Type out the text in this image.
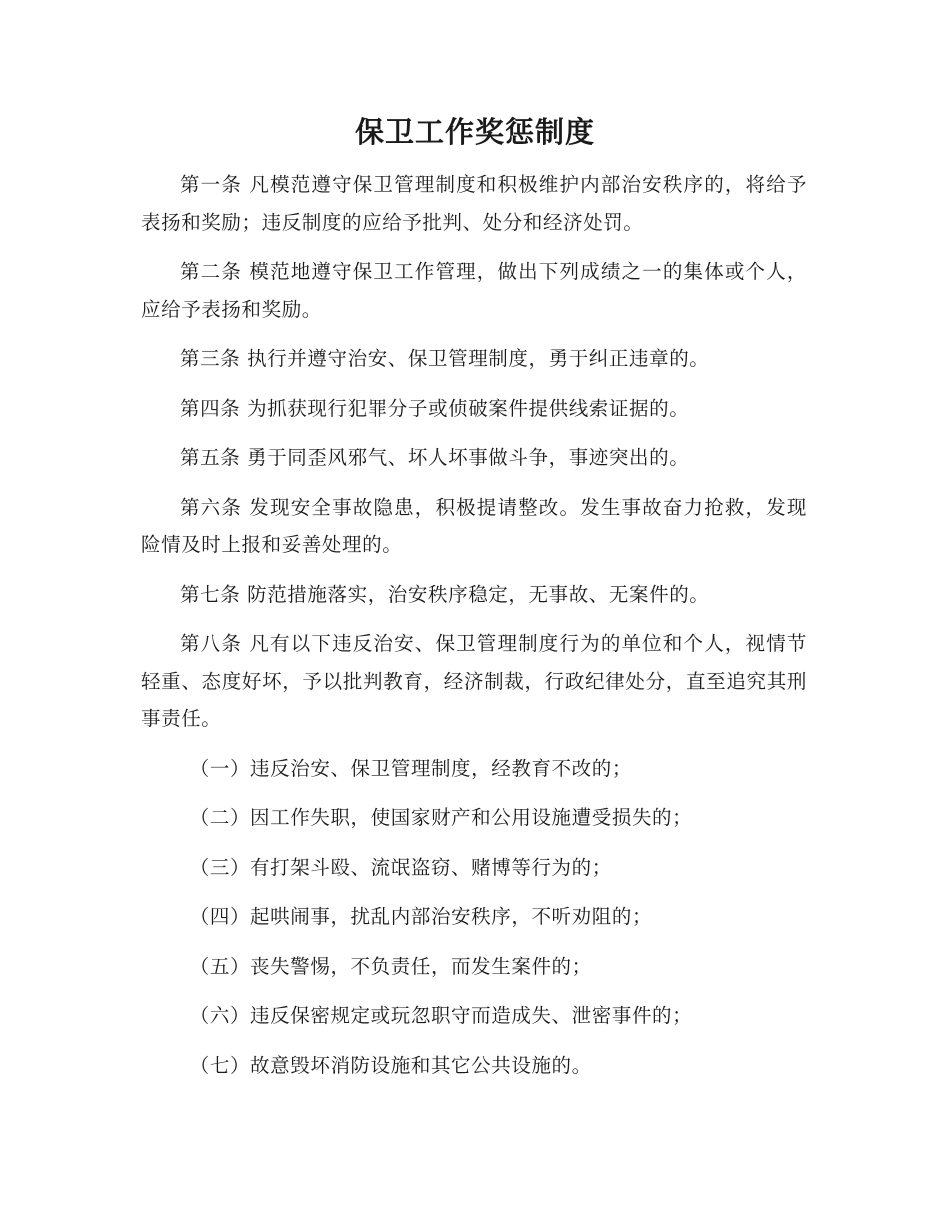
保卫工作奖惩制度

第一条 凡模范遵守保卫管理制度和积极维护内部治安秩序的，将给予表扬和奖励；违反制度的应给予批判、处分和经济处罚。

第二条 模范地遵守保卫工作管理，做出下列成绩之一的集体或个人，应给予表扬和奖励。

第三条 执行并遵守治安、保卫管理制度，勇于纠正违章的。

第四条 为抓获现行犯罪分子或侦破案件提供线索证据的。

第五条 勇于同歪风邪气、坏人坏事做斗争，事迹突出的。

第六条 发现安全事故隐患，积极提请整改。发生事故奋力抢救，发现险情及时上报和妥善处理的。

第七条 防范措施落实，治安秩序稳定，无事故、无案件的。

第八条 凡有以下违反治安、保卫管理制度行为的单位和个人，视情节轻重、态度好坏，予以批判教育，经济制裁，行政纪律处分，直至追究其刑事责任。

（一）违反治安、保卫管理制度，经教育不改的；

（二）因工作失职，使国家财产和公用设施遭受损失的；

（三）有打架斗殴、流氓盗窃、赌博等行为的；

（四）起哄闹事，扰乱内部治安秩序，不听劝阻的；

（五）丧失警惕，不负责任，而发生案件的；

（六）违反保密规定或玩忽职守而造成失、泄密事件的；

（七）故意毁坏消防设施和其它公共设施的。
